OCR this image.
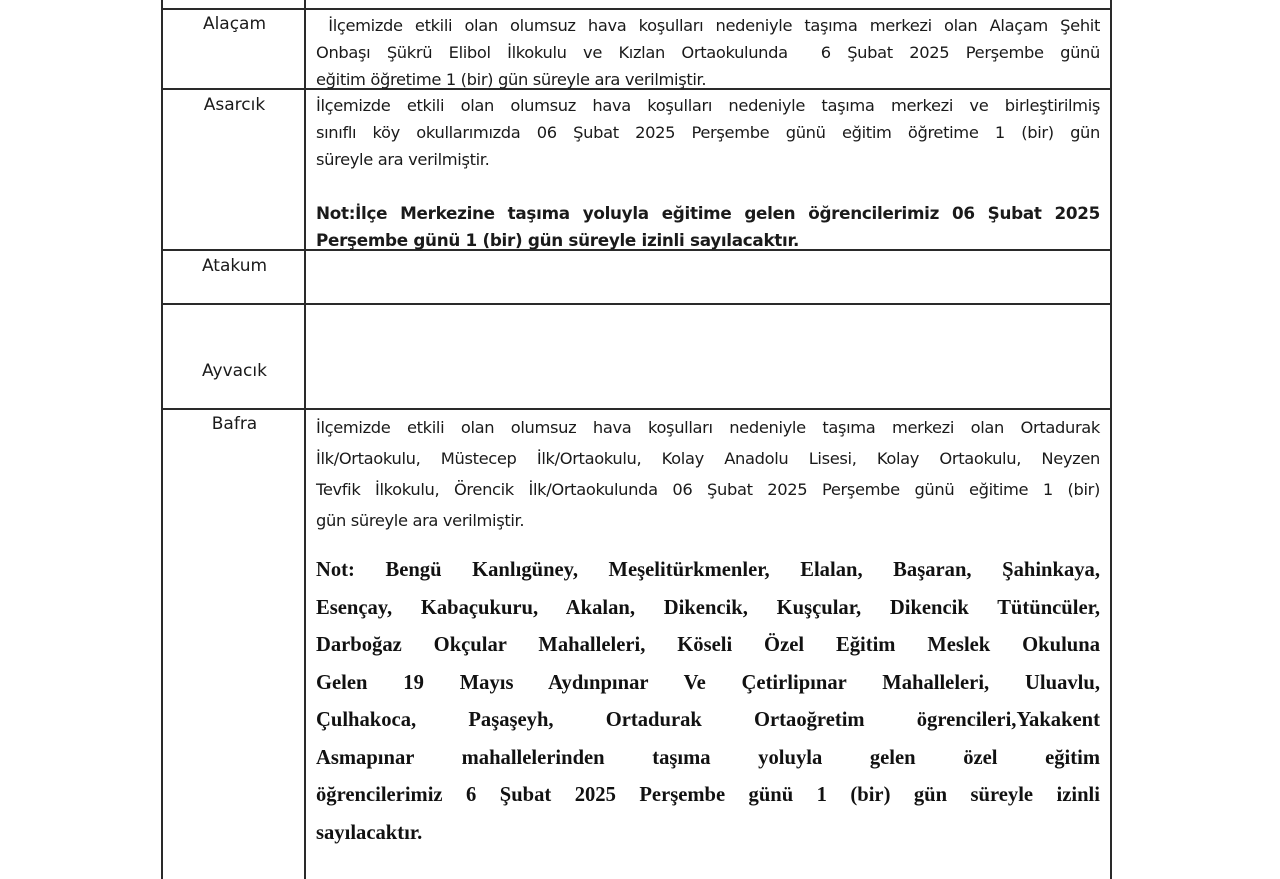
Alaçam	İlçemizde etkili olan olumsuz hava koşulları nedeniyle taşıma merkezi olan Alaçam Şehit

Onbaşı Şükrü Elibol İlkokulu ve Kızlan Ortaokulunda  6 Şubat 2025 Perşembe günü

eğitim öğretime 1 (bir) gün süreyle ara verilmiştir.

Asarcık	İlçemizde etkili olan olumsuz hava koşulları nedeniyle taşıma merkezi ve birleştirilmiş

sınıflı köy okullarımızda 06 Şubat 2025 Perşembe günü eğitim öğretime 1 (bir) gün

süreyle ara verilmiştir.

Not:İlçe Merkezine taşıma yoluyla eğitime gelen öğrencilerimiz 06 Şubat 2025

Perşembe günü 1 (bir) gün süreyle izinli sayılacaktır.

Atakum
Ayvacık
Bafra	İlçemizde etkili olan olumsuz hava koşulları nedeniyle taşıma merkezi olan Ortadurak

İlk/Ortaokulu, Müstecep İlk/Ortaokulu, Kolay Anadolu Lisesi, Kolay Ortaokulu, Neyzen

Tevfik İlkokulu, Örencik İlk/Ortaokulunda 06 Şubat 2025 Perşembe günü eğitime 1 (bir)

gün süreyle ara verilmiştir.

Not: Bengü Kanlıgüney, Meşelitürkmenler, Elalan, Başaran, Şahinkaya,

Esençay, Kabaçukuru, Akalan, Dikencik, Kuşçular, Dikencik Tütüncüler,

Darboğaz Okçular Mahalleleri, Köseli Özel Eğitim Meslek Okuluna

Gelen 19 Mayıs Aydınpınar Ve Çetirlipınar Mahalleleri, Uluavlu,

Çulhakoca, Paşaşeyh, Ortadurak Ortaoğretim ögrencileri,Yakakent

Asmapınar mahallelerinden taşıma yoluyla gelen özel eğitim

öğrencilerimiz 6 Şubat 2025 Perşembe günü 1 (bir) gün süreyle izinli

sayılacaktır.
